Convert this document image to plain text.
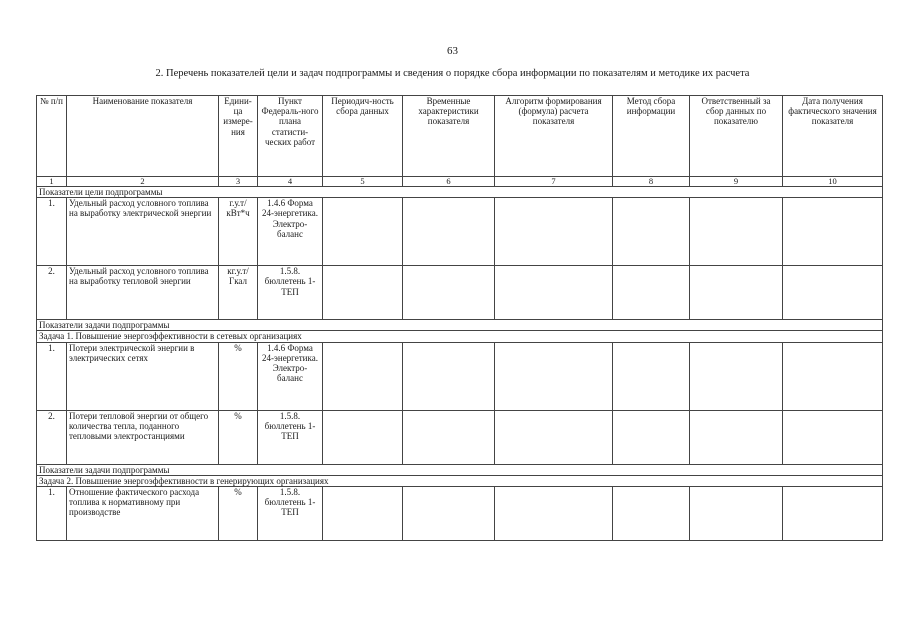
63
2. Перечень показателей цели и задач подпрограммы и сведения о порядке сбора информации по показателям и методике их расчета
№ п/п	Наименование показателя	Едини-ца измере-ния	Пункт Федераль-ного плана статисти-ческих работ	Периодич-ность сбора данных	Временные характеристики показателя	Алгоритм формирования (формула) расчета показателя	Метод сбора информации	Ответственный за сбор данных по показателю	Дата получения фактического значения показателя
1	2	3	4	5	6	7	8	9	10
Показатели цели подпрограммы									
1.	Удельный расход условного топлива на выработку электрической энергии	г.у.т/ кВт*ч	1.4.6 Форма 24-энергетика. Электро-баланс						
2.	Удельный расход условного топлива на выработку тепловой энергии	кг.у.т/ Гкал	1.5.8. бюллетень 1-ТЕП						
Показатели задачи подпрограммы									
Задача 1. Повышение энергоэффективности в сетевых организациях									
1.	Потери электрической энергии в электрических сетях	%	1.4.6 Форма 24-энергетика. Электро-баланс						
2.	Потери тепловой энергии от общего количества тепла, поданного тепловыми электростанциями	%	1.5.8. бюллетень 1-ТЕП						
Показатели задачи подпрограммы									
Задача 2. Повышение энергоэффективности в генерирующих организациях									
1.	Отношение фактического расхода топлива к нормативному при производстве	%	1.5.8. бюллетень 1-ТЕП						
